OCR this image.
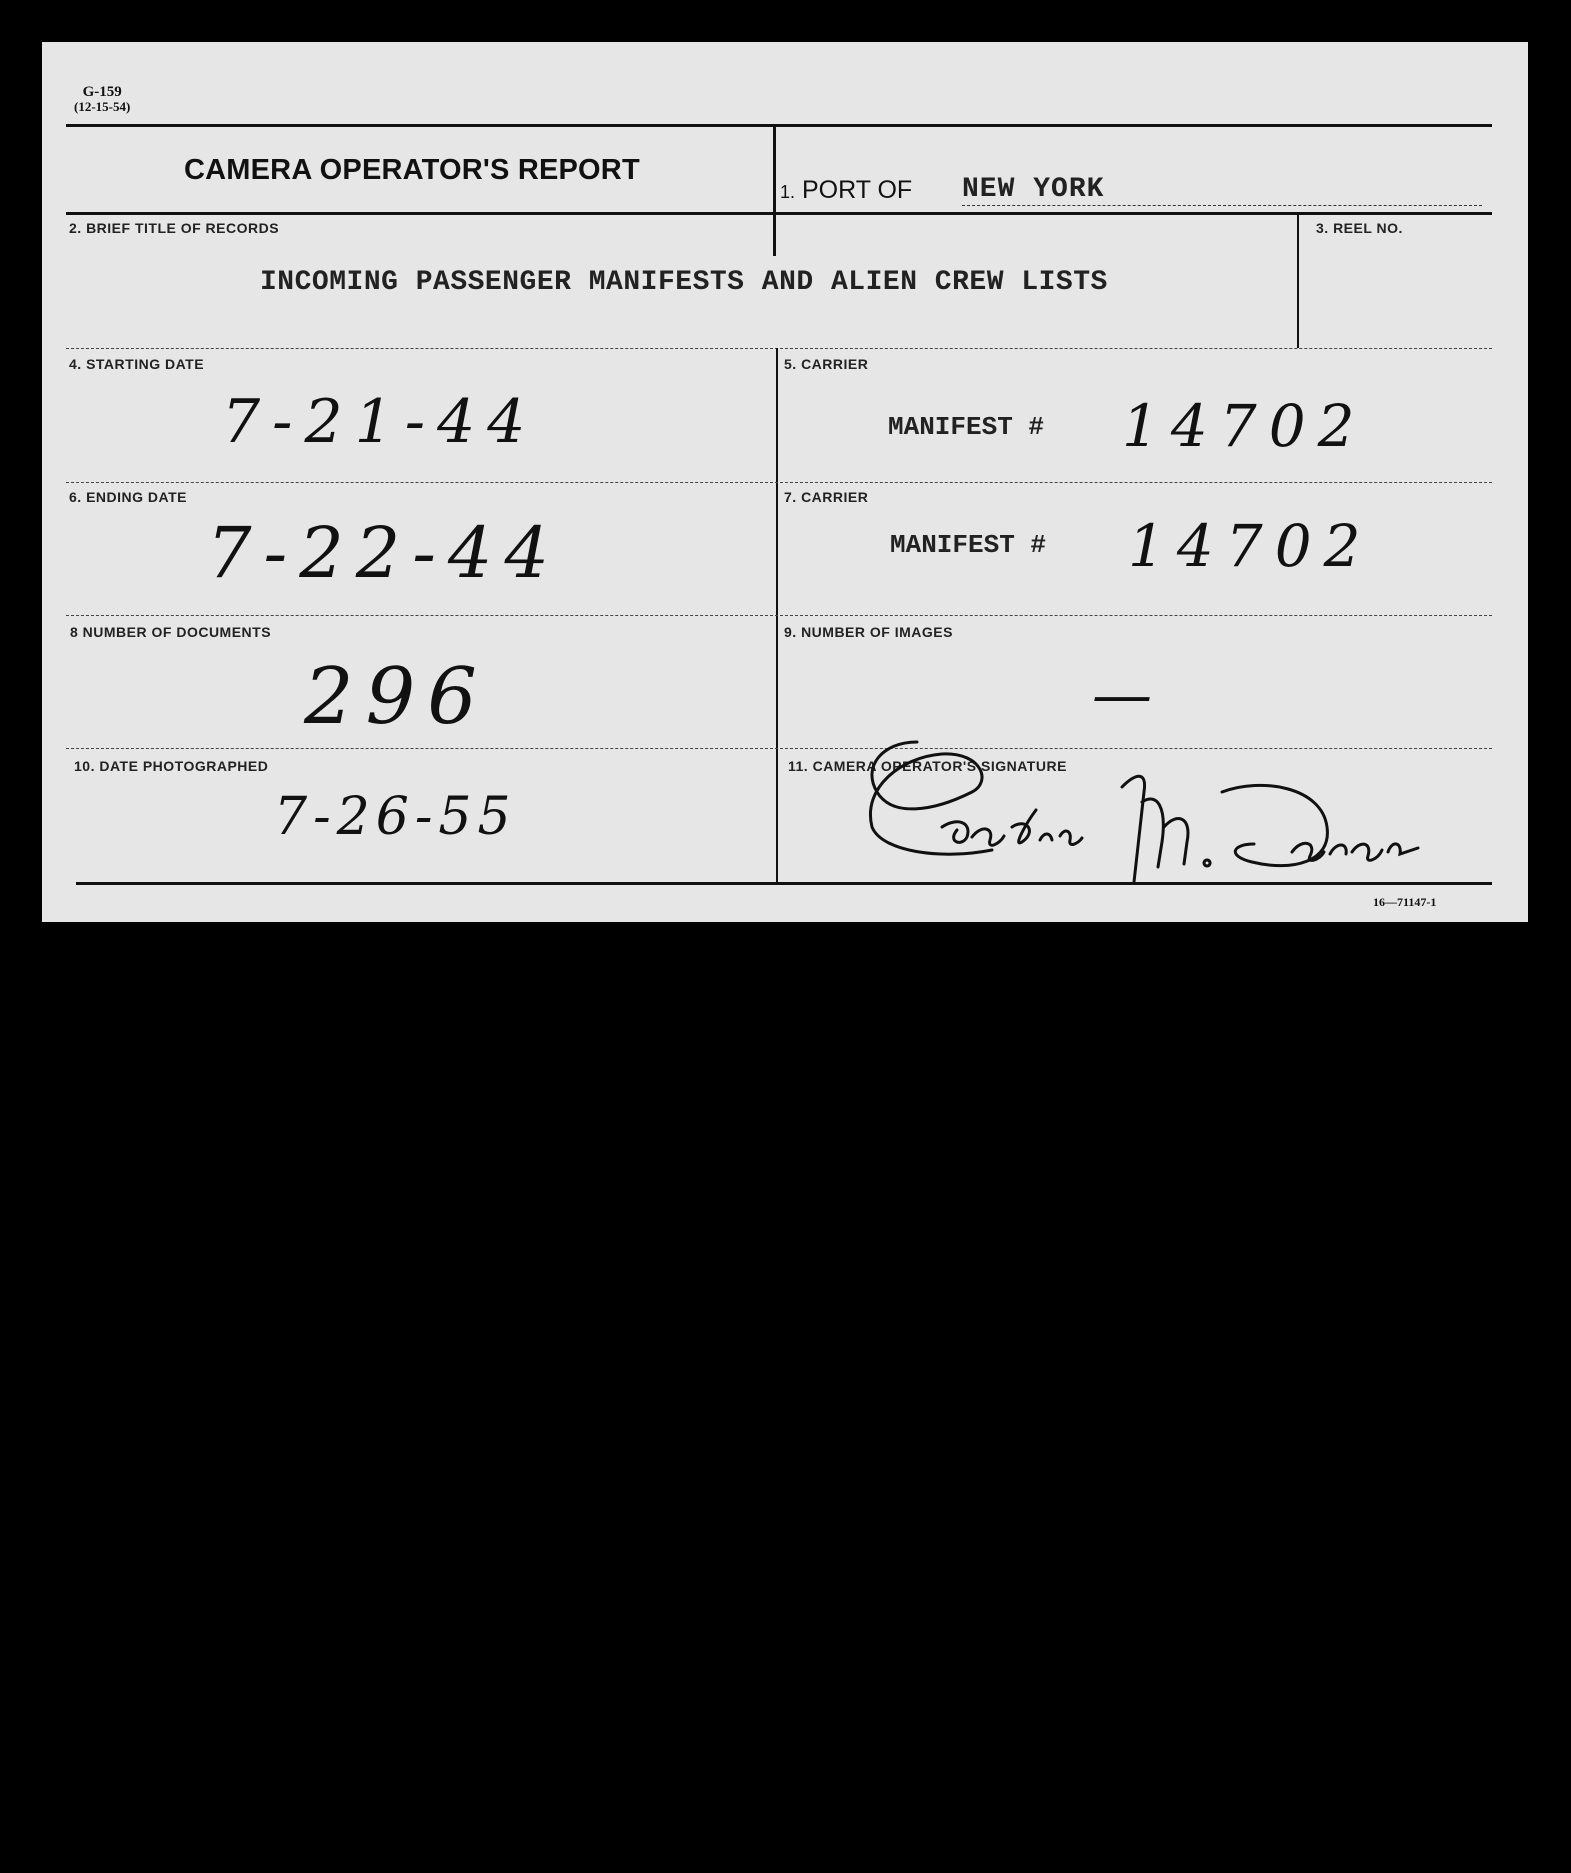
G-159
(12-15-54)
CAMERA OPERATOR'S REPORT
1. PORT OF NEW YORK
2. BRIEF TITLE OF RECORDS
INCOMING PASSENGER MANIFESTS AND ALIEN CREW LISTS
3. REEL NO.
4. STARTING DATE
7-21-44
5. CARRIER
MANIFEST # 14702
6. ENDING DATE
7-22-44
7. CARRIER
MANIFEST # 14702
8 NUMBER OF DOCUMENTS
296
9. NUMBER OF IMAGES
—
10. DATE PHOTOGRAPHED
7-26-55
11. CAMERA OPERATOR'S SIGNATURE
16—71147-1
